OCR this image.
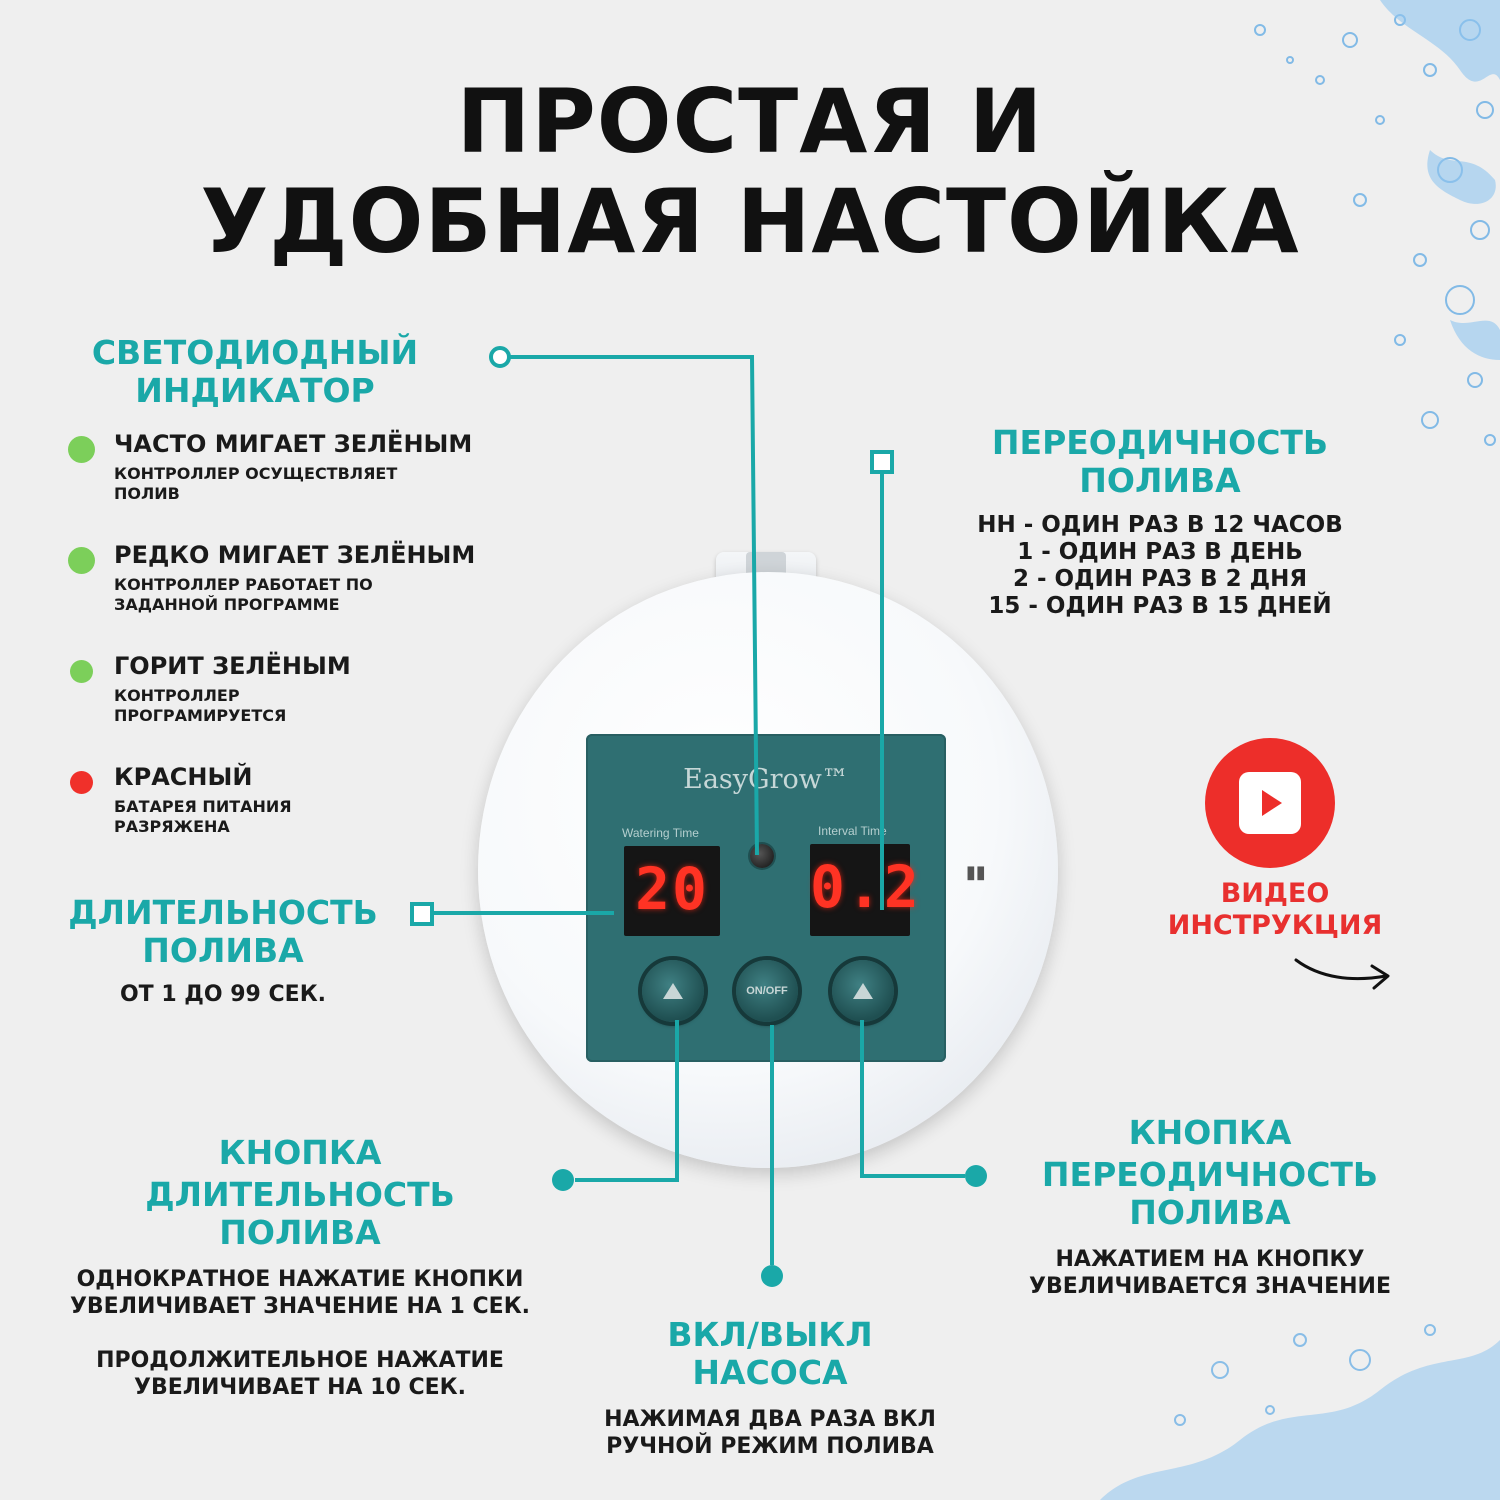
ПРОСТАЯ И
УДОБНАЯ НАСТОЙКА
СВЕТОДИОДНЫЙ
ИНДИКАТОР
ЧАСТО МИГАЕТ ЗЕЛЁНЫМ
КОНТРОЛЛЕР ОСУЩЕСТВЛЯЕТ
ПОЛИВ
РЕДКО МИГАЕТ ЗЕЛЁНЫМ
КОНТРОЛЛЕР РАБОТАЕТ ПО
ЗАДАННОЙ ПРОГРАММЕ
ГОРИТ ЗЕЛЁНЫМ
КОНТРОЛЛЕР
ПРОГРАМИРУЕТСЯ
КРАСНЫЙ
БАТАРЕЯ ПИТАНИЯ
РАЗРЯЖЕНА
ДЛИТЕЛЬНОСТЬ
ПОЛИВА
ОТ 1 ДО 99 СЕК.
ПЕРЕОДИЧНОСТЬ
ПОЛИВА
HH - ОДИН РАЗ В 12 ЧАСОВ
1 - ОДИН РАЗ В ДЕНЬ
2 - ОДИН РАЗ В 2 ДНЯ
15 - ОДИН РАЗ В 15 ДНЕЙ
ВИДЕО
ИНСТРУКЦИЯ
▮▮
EasyGrow™
Watering Time	Interval Time
20 0.2
ON/OFF
КНОПКА
ДЛИТЕЛЬНОСТЬ
ПОЛИВА
ОДНОКРАТНОЕ НАЖАТИЕ КНОПКИ
УВЕЛИЧИВАЕТ ЗНАЧЕНИЕ НА 1 СЕК.
ПРОДОЛЖИТЕЛЬНОЕ НАЖАТИЕ
УВЕЛИЧИВАЕТ НА 10 СЕК.
ВКЛ/ВЫКЛ
НАСОСА
НАЖИМАЯ ДВА РАЗА ВКЛ
РУЧНОЙ РЕЖИМ ПОЛИВА
КНОПКА
ПЕРЕОДИЧНОСТЬ
ПОЛИВА
НАЖАТИЕМ НА КНОПКУ
УВЕЛИЧИВАЕТСЯ ЗНАЧЕНИЕ
